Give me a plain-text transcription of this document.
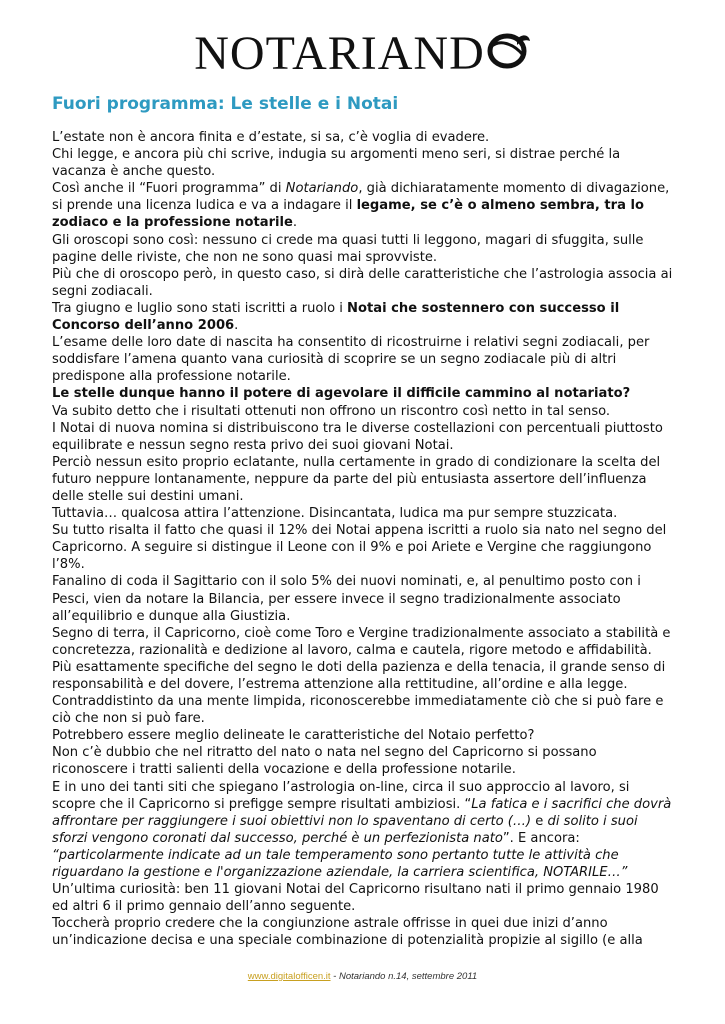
NOTARIAND
Fuori programma: Le stelle e i Notai

L’estate non è ancora finita e d’estate, si sa, c’è voglia di evadere.

Chi legge, e ancora più chi scrive, indugia su argomenti meno seri, si distrae perché la vacanza è anche questo.

Così anche il “Fuori programma” di Notariando, già dichiaratamente momento di divagazione, si prende una licenza ludica e va a indagare il legame, se c’è o almeno sembra, tra lo zodiaco e la professione notarile.

Gli oroscopi sono così: nessuno ci crede ma quasi tutti li leggono, magari di sfuggita, sulle pagine delle riviste, che non ne sono quasi mai sprovviste.

Più che di oroscopo però, in questo caso, si dirà delle caratteristiche che l’astrologia associa ai segni zodiacali.

Tra giugno e luglio sono stati iscritti a ruolo i Notai che sostennero con successo il Concorso dell’anno 2006.

L’esame delle loro date di nascita ha consentito di ricostruirne i relativi segni zodiacali, per soddisfare l’amena quanto vana curiosità di scoprire se un segno zodiacale più di altri predispone alla professione notarile.

Le stelle dunque hanno il potere di agevolare il difficile cammino al notariato?

Va subito detto che i risultati ottenuti non offrono un riscontro così netto in tal senso.

I Notai di nuova nomina si distribuiscono tra le diverse costellazioni con percentuali piuttosto equilibrate e nessun segno resta privo dei suoi giovani Notai.

Perciò nessun esito proprio eclatante, nulla certamente in grado di condizionare la scelta del futuro neppure lontanamente, neppure da parte del più entusiasta assertore dell’influenza delle stelle sui destini umani.

Tuttavia… qualcosa attira l’attenzione. Disincantata, ludica ma pur sempre stuzzicata.

Su tutto risalta il fatto che quasi il 12% dei Notai appena iscritti a ruolo sia nato nel segno del Capricorno. A seguire si distingue il Leone con il 9% e poi Ariete e Vergine che raggiungono l’8%.

Fanalino di coda il Sagittario con il solo 5% dei nuovi nominati, e, al penultimo posto con i Pesci, vien da notare la Bilancia, per essere invece il segno tradizionalmente associato all’equilibrio e dunque alla Giustizia.

Segno di terra, il Capricorno, cioè come Toro e Vergine tradizionalmente associato a stabilità e concretezza, razionalità e dedizione al lavoro, calma e cautela, rigore metodo e affidabilità. Più esattamente specifiche del segno le doti della pazienza e della tenacia, il grande senso di responsabilità e del dovere, l’estrema attenzione alla rettitudine, all’ordine e alla legge. Contraddistinto da una mente limpida, riconoscerebbe immediatamente ciò che si può fare e ciò che non si può fare.

Potrebbero essere meglio delineate le caratteristiche del Notaio perfetto?

Non c’è dubbio che nel ritratto del nato o nata nel segno del Capricorno si possano riconoscere i tratti salienti della vocazione e della professione notarile.

E in uno dei tanti siti che spiegano l’astrologia on-line, circa il suo approccio al lavoro, si scopre che il Capricorno si prefigge sempre risultati ambiziosi. “La fatica e i sacrifici che dovrà affrontare per raggiungere i suoi obiettivi non lo spaventano di certo (…) e di solito i suoi sforzi vengono coronati dal successo, perché è un perfezionista nato”. E ancora: “particolarmente indicate ad un tale temperamento sono pertanto tutte le attività che riguardano la gestione e l'organizzazione aziendale, la carriera scientifica, NOTARILE…”

Un’ultima curiosità: ben 11 giovani Notai del Capricorno risultano nati il primo gennaio 1980 ed altri 6 il primo gennaio dell’anno seguente.

Toccherà proprio credere che la congiunzione astrale offrisse in quei due inizi d’anno un’indicazione decisa e una speciale combinazione di potenzialità propizie al sigillo (e alla

www.digitalofficen.it - Notariando n.14, settembre 2011
